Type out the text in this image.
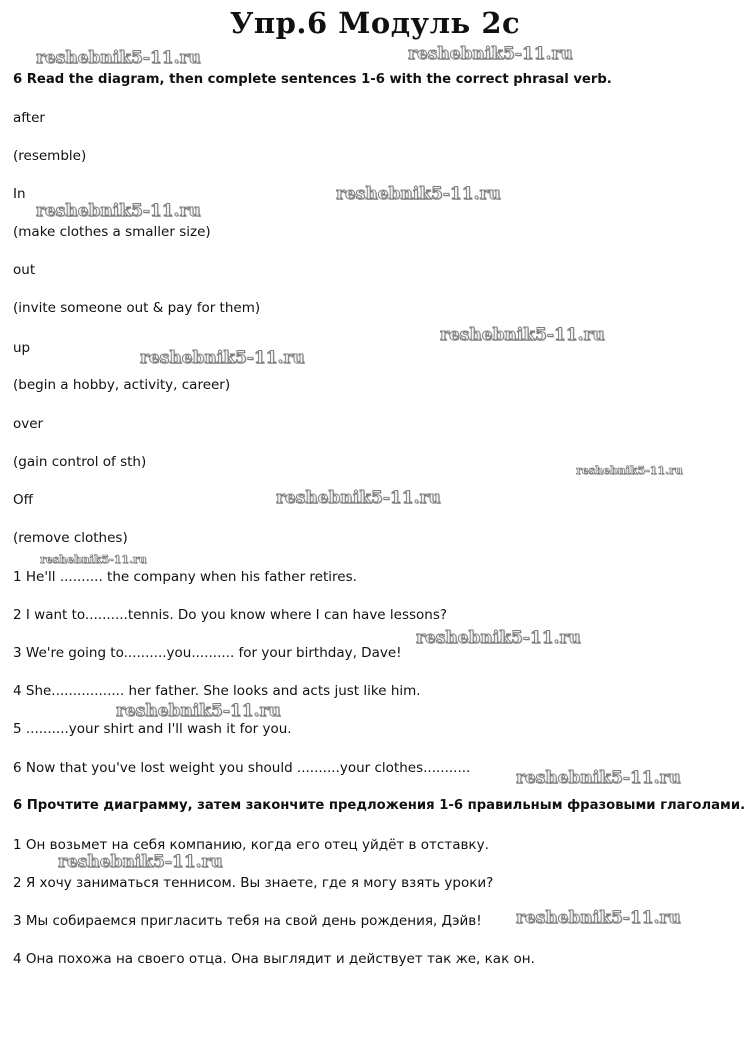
Упр.6 Модуль 2с
6 Read the diagram, then complete sentences 1-6 with the correct phrasal verb.
after
(resemble)
In
(make clothes a smaller size)
out
(invite someone out & pay for them)
up
(begin a hobby, activity, career)
over
(gain control of sth)
Off
(remove clothes)
1 He'll .......... the company when his father retires.
2 I want to..........tennis. Do you know where I can have lessons?
3 We're going to..........you.......... for your birthday, Dave!
4 She................. her father. She looks and acts just like him.
5 ..........your shirt and I'll wash it for you.
6 Now that you've lost weight you should ..........your clothes...........
6 Прочтите диаграмму, затем закончите предложения 1-6 правильным фразовыми глаголами.
1 Он возьмет на себя компанию, когда его отец уйдёт в отставку.
2 Я хочу заниматься теннисом. Вы знаете, где я могу взять уроки?
3 Мы собираемся пригласить тебя на свой день рождения, Дэйв!
4 Она похожа на своего отца. Она выглядит и действует так же, как он.
reshebnik5-11.ru	reshebnik5-11.ru
reshebnik5-11.ru
reshebnik5-11.ru
reshebnik5-11.ru
reshebnik5-11.ru
reshebnik5-11.ru
reshebnik5-11.ru
reshebnik5-11.ru
reshebnik5-11.ru
reshebnik5-11.ru
reshebnik5-11.ru
reshebnik5-11.ru
reshebnik5-11.ru
